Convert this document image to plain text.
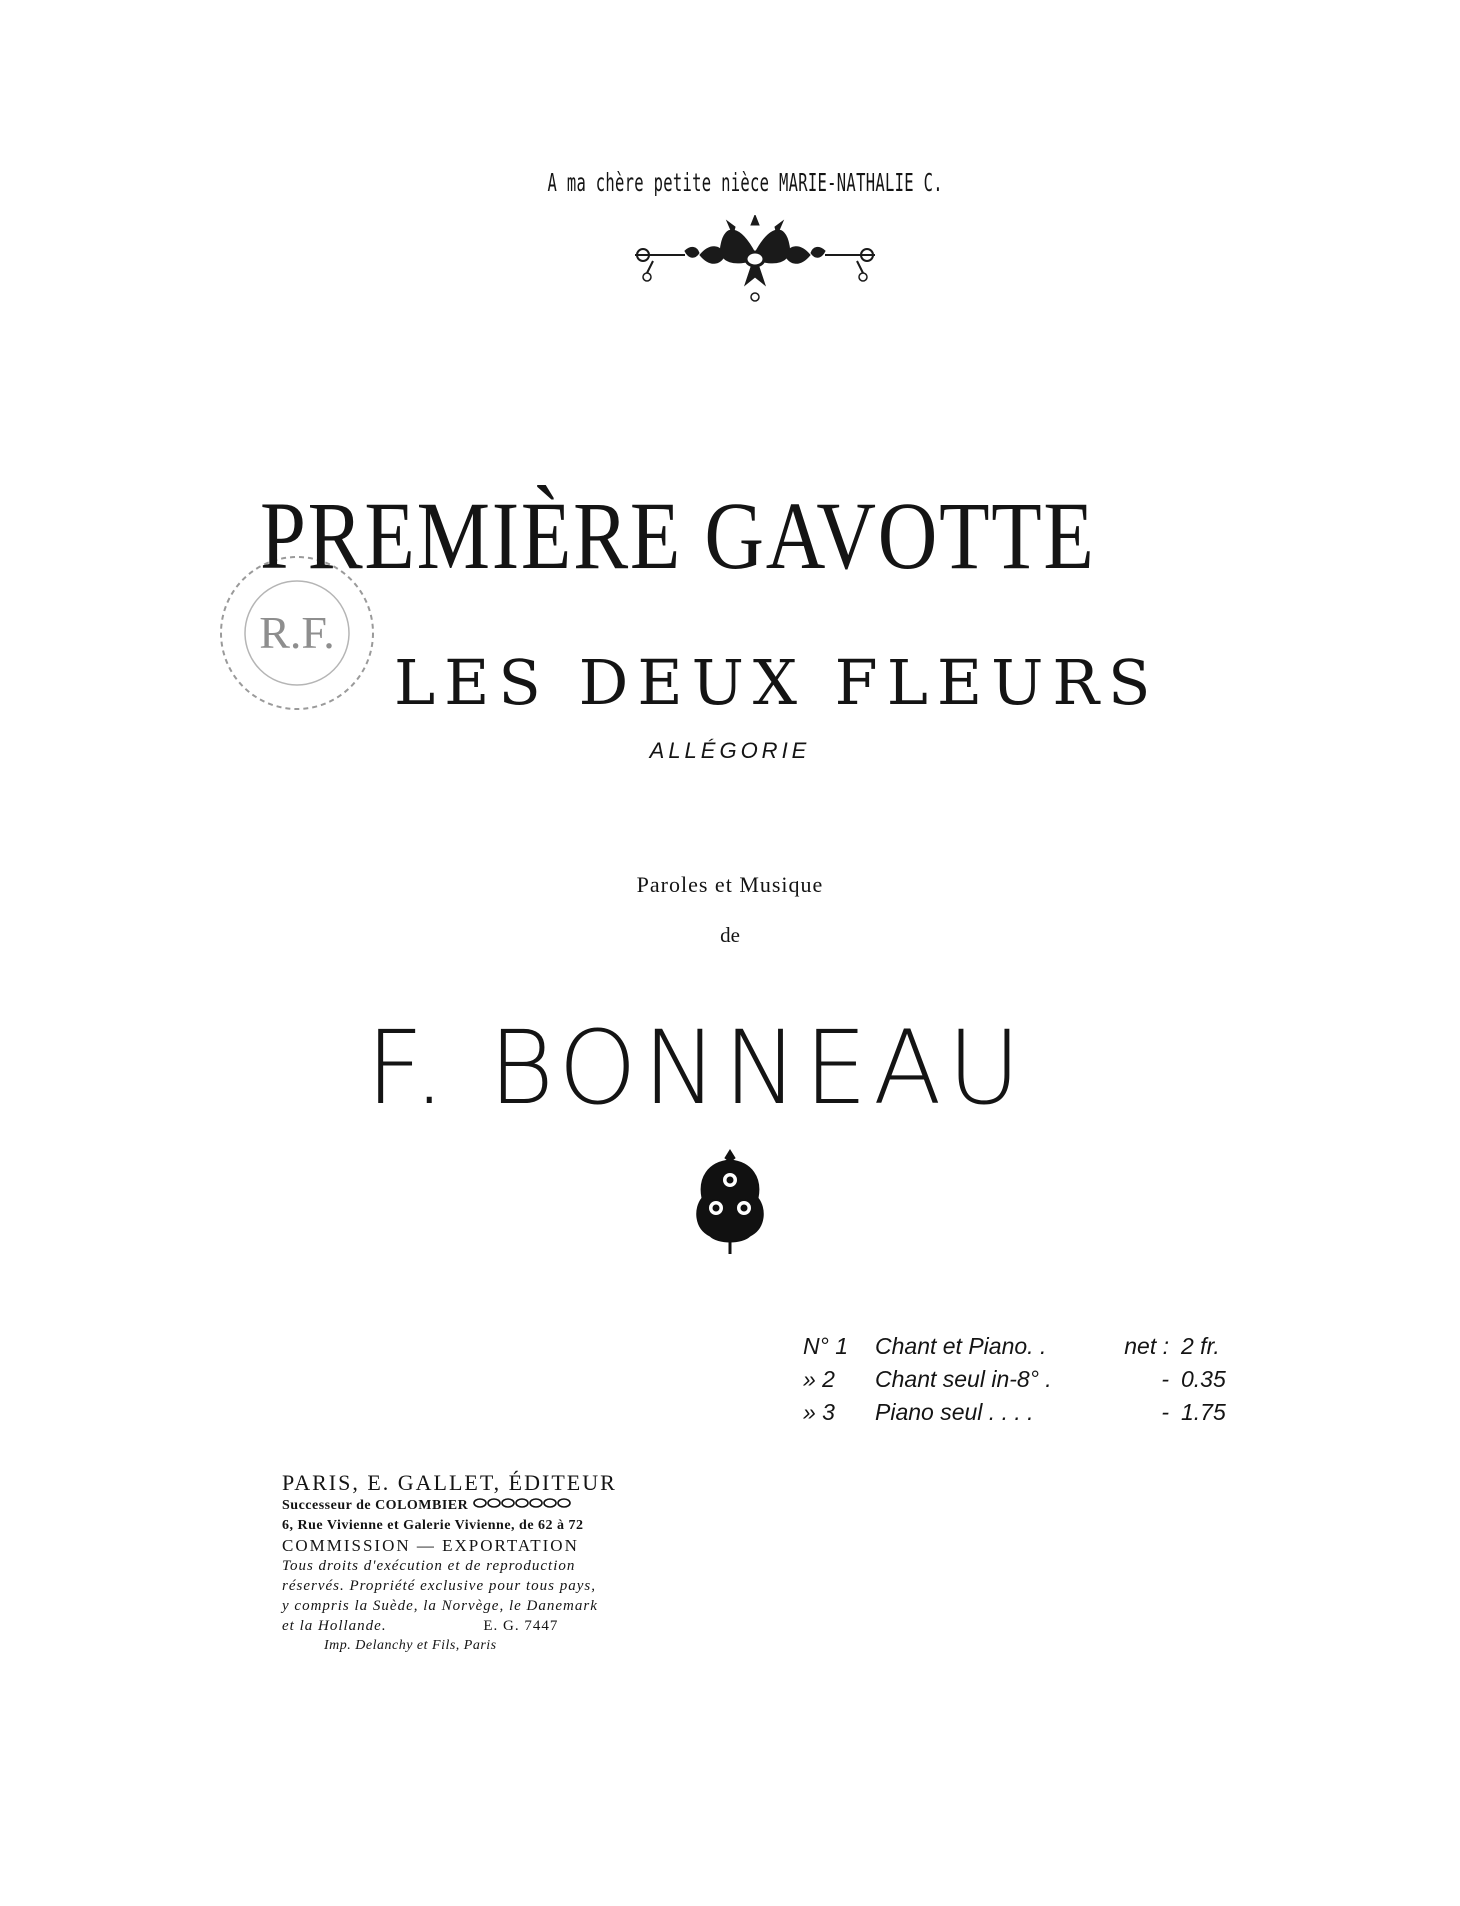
A ma chère petite nièce MARIE-NATHALIE C.
R.F.
PREMIÈRE GAVOTTE
LES DEUX FLEURS
ALLÉGORIE
Paroles et Musique
de
F. BONNEAU
N° 1	Chant et Piano. .	net :	2 fr.
» 2	Chant seul in-8° .	-	0.35
» 3	Piano seul . . . .	-	1.75
PARIS, E. GALLET, ÉDITEUR
Successeur de COLOMBIER
6, Rue Vivienne et Galerie Vivienne, de 62 à 72
COMMISSION — EXPORTATION
Tous droits d'exécution et de reproduction
réservés. Propriété exclusive pour tous pays,
y compris la Suède, la Norvège, le Danemark
et la Hollande.	E. G. 7447
Imp. Delanchy et Fils, Paris
